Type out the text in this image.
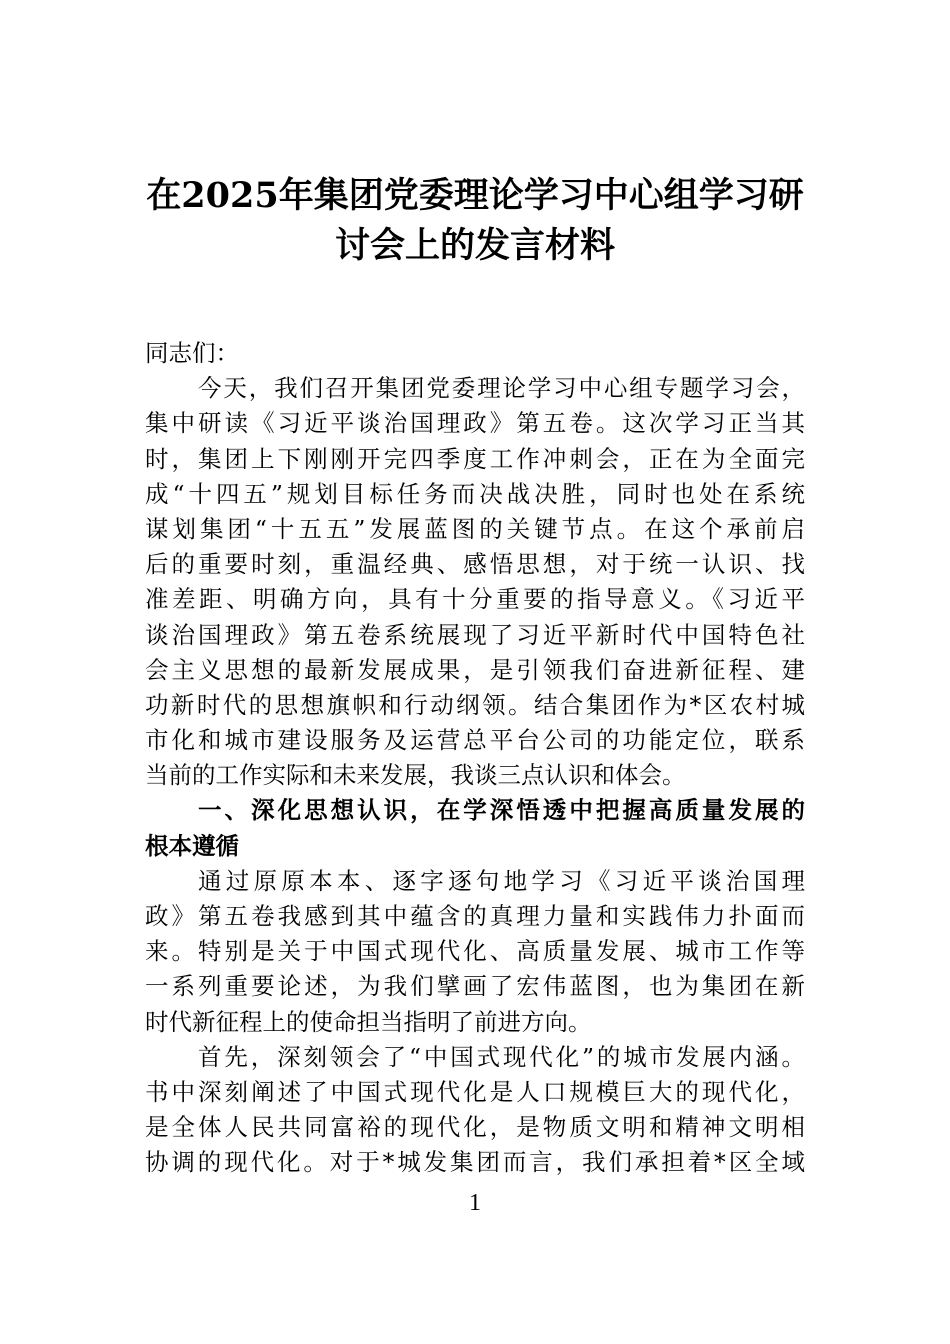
在2025年集团党委理论学习中心组学习研
讨会上的发言材料
同志们：
今天，我们召开集团党委理论学习中心组专题学习会，
集中研读《习近平谈治国理政》第五卷。这次学习正当其
时，集团上下刚刚开完四季度工作冲刺会，正在为全面完
成“十四五”规划目标任务而决战决胜，同时也处在系统
谋划集团“十五五”发展蓝图的关键节点。在这个承前启
后的重要时刻，重温经典、感悟思想，对于统一认识、找
准差距、明确方向，具有十分重要的指导意义。《习近平
谈治国理政》第五卷系统展现了习近平新时代中国特色社
会主义思想的最新发展成果，是引领我们奋进新征程、建
功新时代的思想旗帜和行动纲领。结合集团作为*区农村城
市化和城市建设服务及运营总平台公司的功能定位，联系
当前的工作实际和未来发展，我谈三点认识和体会。
一、深化思想认识，在学深悟透中把握高质量发展的
根本遵循
通过原原本本、逐字逐句地学习《习近平谈治国理
政》第五卷我感到其中蕴含的真理力量和实践伟力扑面而
来。特别是关于中国式现代化、高质量发展、城市工作等
一系列重要论述，为我们擘画了宏伟蓝图，也为集团在新
时代新征程上的使命担当指明了前进方向。
首先，深刻领会了“中国式现代化”的城市发展内涵。
书中深刻阐述了中国式现代化是人口规模巨大的现代化，
是全体人民共同富裕的现代化，是物质文明和精神文明相
协调的现代化。对于*城发集团而言，我们承担着*区全域
1
